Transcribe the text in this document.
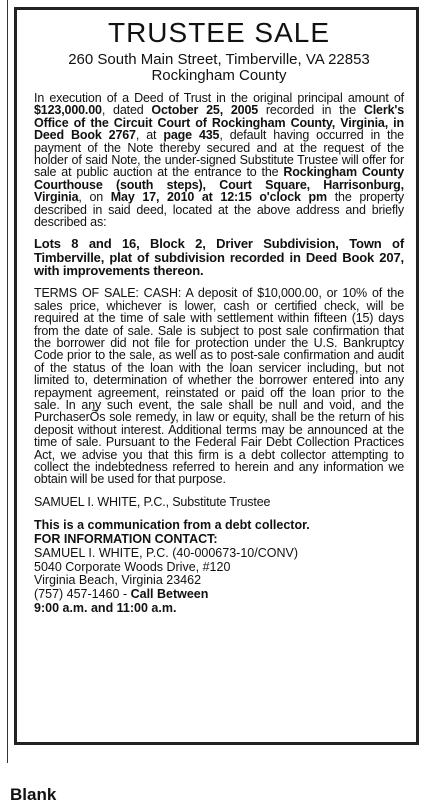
TRUSTEE SALE
260 South Main Street, Timberville, VA 22853
Rockingham County

In execution of a Deed of Trust in the original principal amount of $123,000.00, dated October 25, 2005 recorded in the Clerk's Office of the Circuit Court of Rockingham County, Virginia, in Deed Book 2767, at page 435, default having occurred in the payment of the Note thereby secured and at the request of the holder of said Note, the under-signed Substitute Trustee will offer for sale at public auction at the entrance to the Rockingham County Courthouse (south steps), Court Square, Harrisonburg, Virginia, on May 17, 2010 at 12:15 o'clock pm the property described in said deed, located at the above address and briefly described as:

Lots 8 and 16, Block 2, Driver Subdivision, Town of Timberville, plat of subdivision recorded in Deed Book 207, with improvements thereon.

TERMS OF SALE: CASH: A deposit of $10,000.00, or 10% of the sales price, whichever is lower, cash or certified check, will be required at the time of sale with settlement within fifteen (15) days from the date of sale. Sale is subject to post sale confirmation that the borrower did not file for protection under the U.S. Bankruptcy Code prior to the sale, as well as to post-sale confirmation and audit of the status of the loan with the loan servicer including, but not limited to, determination of whether the borrower entered into any repayment agreement, reinstated or paid off the loan prior to the sale. In any such event, the sale shall be null and void, and the PurchaserÕs sole remedy, in law or equity, shall be the return of his deposit without interest. Additional terms may be announced at the time of sale. Pursuant to the Federal Fair Debt Collection Practices Act, we advise you that this firm is a debt collector attempting to collect the indebtedness referred to herein and any information we obtain will be used for that purpose.

SAMUEL I. WHITE, P.C., Substitute Trustee

This is a communication from a debt collector.

FOR INFORMATION CONTACT:

SAMUEL I. WHITE, P.C. (40-000673-10/CONV)

5040 Corporate Woods Drive, #120

Virginia Beach, Virginia 23462

(757) 457-1460 - Call Between

9:00 a.m. and 11:00 a.m.

Blank
